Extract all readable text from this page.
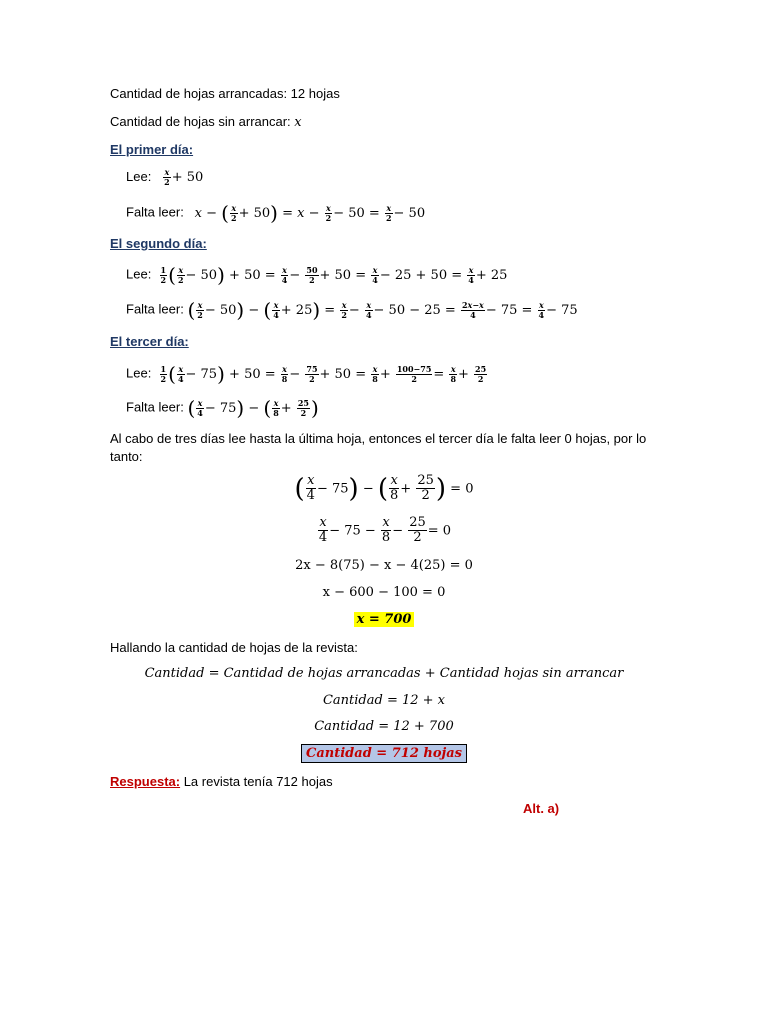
Cantidad de hojas arrancadas: 12 hojas
Cantidad de hojas sin arrancar: x
El primer día:
Lee: $\frac{x}{2} + 50$
Falta leer: x − ( $\frac{x}{2} + 50) = x - \frac{x}{2} - 50 = \frac{x}{2} - 50$
El segundo día:
Lee: $\frac{1}{2}$ ( $\frac{x}{2} - 50) + 50 = \frac{x}{4} - \frac{50}{2} + 50 = \frac{x}{4} - 25 + 50 = \frac{x}{4} + 25$
Falta leer: ( $\frac{x}{2} - 50$) − ( $\frac{x}{4} + 25) = \frac{x}{2} - \frac{x}{4} - 50 - 25 = \frac{2x-x}{4} - 75 = \frac{x}{4} - 75$
El tercer día:
Lee: $\frac{1}{2}$ ( $\frac{x}{4} - 75) + 50 = \frac{x}{8} - \frac{75}{2} + 50 = \frac{x}{8} + \frac{100-75}{2} = \frac{x}{8} + \frac{25}{2}$
Falta leer: ( $\frac{x}{4} - 75$) − ( $\frac{x}{8} + \frac{25}{2}$ )
Al cabo de tres días lee hasta la última hoja, entonces el tercer día le falta leer 0 hojas, por lo
tanto:
( $\frac{x}{4} - 75$) − ( $\frac{x}{8} + \frac{25}{2}$ ) = 0
$\frac{x}{4} - 75 - \frac{x}{8} - \frac{25}{2} = 0$
2x − 8(75) − x − 4(25) = 0
x − 600 − 100 = 0
x = 700
Hallando la cantidad de hojas de la revista:
Cantidad = Cantidad de hojas arrancadas + Cantidad hojas sin arrancar
Cantidad = 12 + x
Cantidad = 12 + 700
Cantidad = 712 hojas
Respuesta: La revista tenía 712 hojas
Alt. a)
